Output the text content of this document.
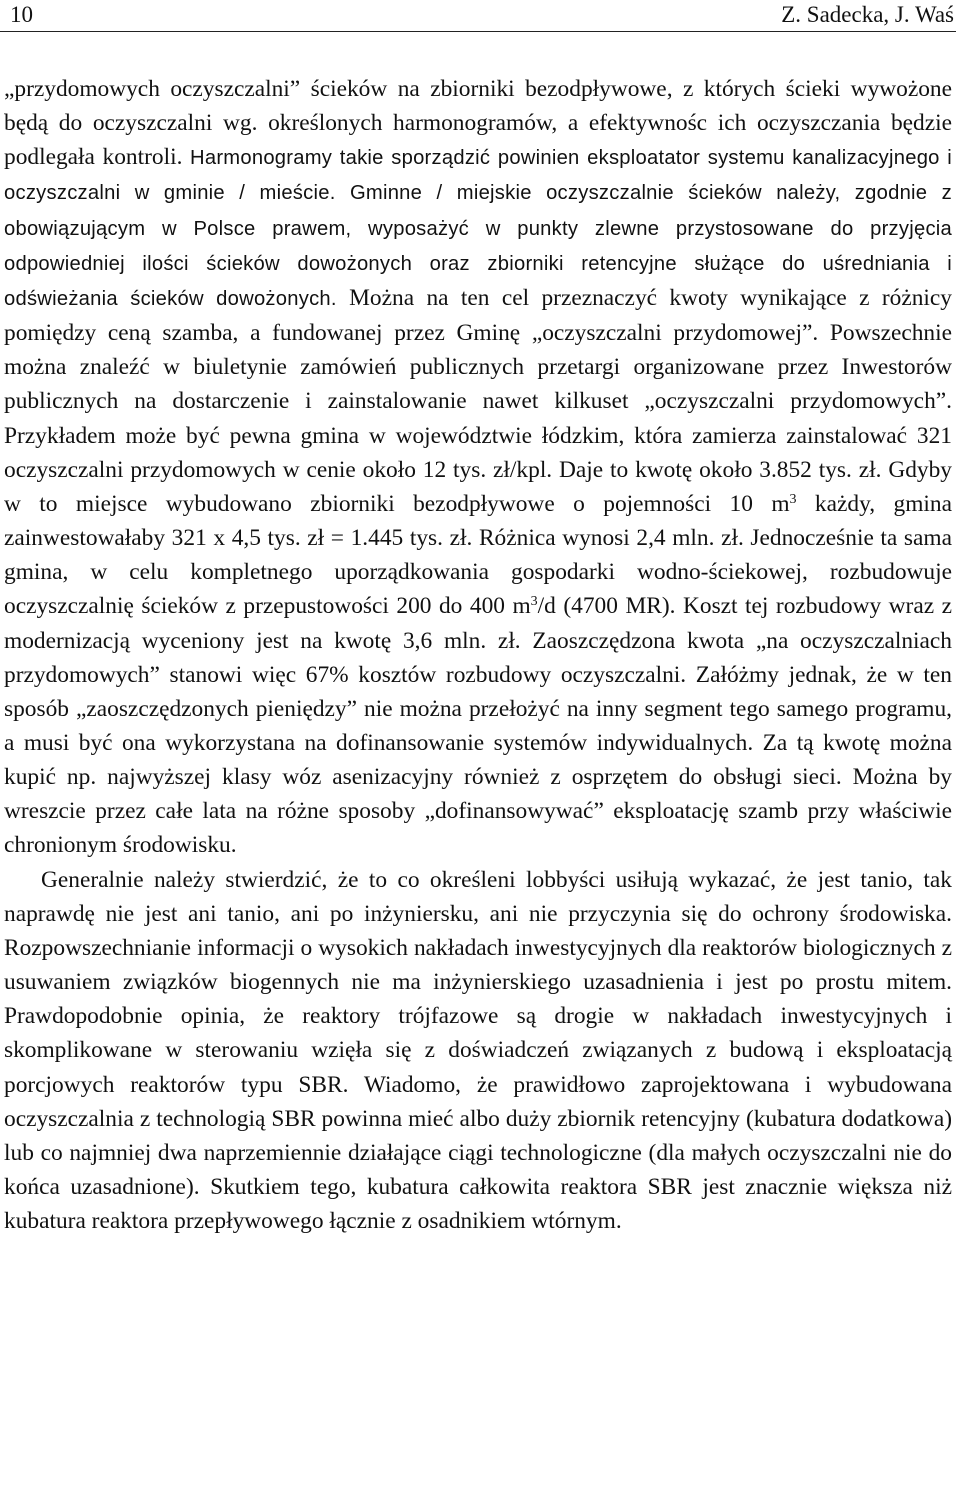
10	Z. Sadecka, J. Waś

„przydomowych oczyszczalni” ścieków na zbiorniki bezodpływowe, z których ścieki wywożone będą do oczyszczalni wg. określonych harmonogramów, a efektywnośc ich oczyszczania będzie podlegała kontroli. Harmonogramy takie sporządzić powinien eksploatator systemu kanalizacyjnego i oczyszczalni w gminie / mieście. Gminne / miejskie oczyszczalnie ścieków należy, zgodnie z obowiązującym w Polsce prawem, wyposażyć w punkty zlewne przystosowane do przyjęcia odpowiedniej ilości ścieków dowożonych oraz zbiorniki retencyjne służące do uśredniania i odświeżania ścieków dowożonych. Można na ten cel przeznaczyć kwoty wynikające z różnicy pomiędzy ceną szamba, a fundowanej przez Gminę „oczyszczalni przydomowej”. Powszechnie można znaleźć w biuletynie zamówień publicznych przetargi organizowane przez Inwestorów publicznych na dostarczenie i zainstalowanie nawet kilkuset „oczyszczalni przydomowych”. Przykładem może być pewna gmina w województwie łódzkim, która zamierza zainstalować 321 oczyszczalni przydomowych w cenie około 12 tys. zł/kpl. Daje to kwotę około 3.852 tys. zł. Gdyby w to miejsce wybudowano zbiorniki bezodpływowe o pojemności 10 $m^3$ każdy, gmina zainwestowałaby 321 x 4,5 tys. zł = 1.445 tys. zł. Różnica wynosi 2,4 mln. zł. Jednocześnie ta sama gmina, w celu kompletnego uporządkowania gospodarki wodno-ściekowej, rozbudowuje oczyszczalnię ścieków z przepustowości 200 do 400 $m^3/d$ (4700 MR). Koszt tej rozbudowy wraz z modernizacją wyceniony jest na kwotę 3,6 mln. zł. Zaoszczędzona kwota „na oczyszczalniach przydomowych” stanowi więc 67% kosztów rozbudowy oczyszczalni. Załóżmy jednak, że w ten sposób „zaoszczędzonych pieniędzy” nie można przełożyć na inny segment tego samego programu, a musi być ona wykorzystana na dofinansowanie systemów indywidualnych. Za tą kwotę można kupić np. najwyższej klasy wóz asenizacyjny również z osprzętem do obsługi sieci. Można by wreszcie przez całe lata na różne sposoby „dofinansowywać” eksploatację szamb przy właściwie chronionym środowisku.

Generalnie należy stwierdzić, że to co określeni lobbyści usiłują wykazać, że jest tanio, tak naprawdę nie jest ani tanio, ani po inżyniersku, ani nie przyczynia się do ochrony środowiska. Rozpowszechnianie informacji o wysokich nakładach inwestycyjnych dla reaktorów biologicznych z usuwaniem związków biogennych nie ma inżynierskiego uzasadnienia i jest po prostu mitem. Prawdopodobnie opinia, że reaktory trójfazowe są drogie w nakładach inwestycyjnych i skomplikowane w sterowaniu wzięła się z doświadczeń związanych z budową i eksploatacją porcjowych reaktorów typu SBR. Wiadomo, że prawidłowo zaprojektowana i wybudowana oczyszczalnia z technologią SBR powinna mieć albo duży zbiornik retencyjny (kubatura dodatkowa) lub co najmniej dwa naprzemiennie działające ciągi technologiczne (dla małych oczyszczalni nie do końca uzasadnione). Skutkiem tego, kubatura całkowita reaktora SBR jest znacznie większa niż kubatura reaktora przepływowego łącznie z osadnikiem wtórnym.
